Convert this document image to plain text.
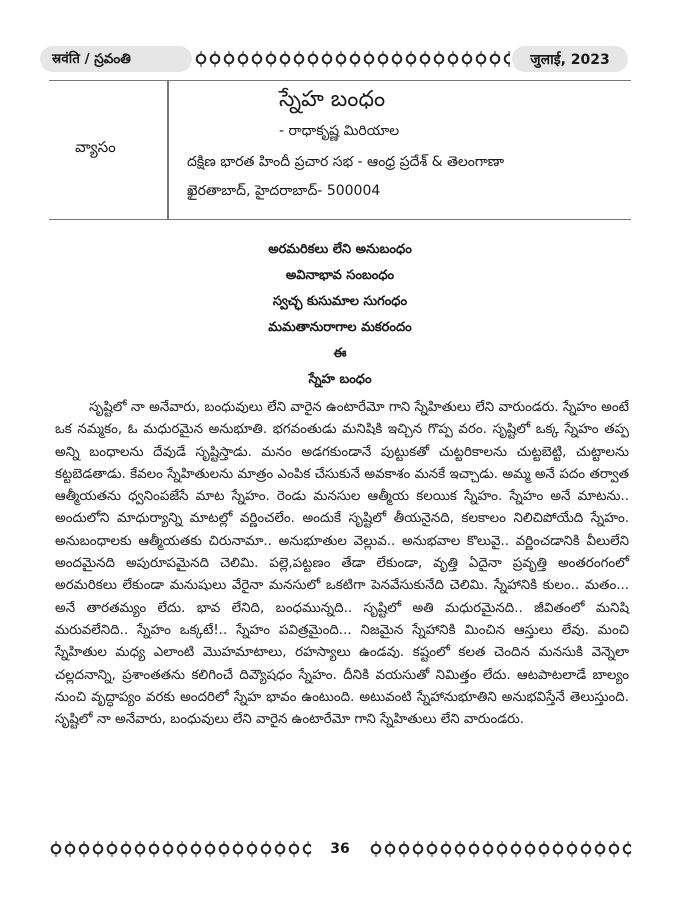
स्रवंति / స్రవంతి	जुलाई, 2023
వ్యాసం
స్నేహ బంధం
- రాధాకృష్ణ మిరియాల
దక్షిణ భారత హిందీ ప్రచార సభ - ఆంధ్ర ప్రదేశ్ & తెలంగాణా
ఖైరతాబాద్, హైదరాబాద్- 500004
అరమరికలు లేని అనుబంధం
అవినాభావ సంబంధం
స్వచ్ఛ కుసుమాల సుగంధం
మమతానురాగాల మకరందం
ఈ
స్నేహ బంధం
సృష్టిలో నా అనేవారు, బంధువులు లేని వారైన ఉంటారేమో గాని స్నేహితులు లేని వారుండరు. స్నేహం అంటే ఒక నమ్మకం, ఓ మధురమైన అనుభూతి. భగవంతుడు మనిషికి ఇచ్చిన గొప్ప వరం. సృష్టిలో ఒక్క స్నేహం తప్ప అన్ని బంధాలను దేవుడే సృష్టిస్తాడు. మనం అడగకుండానే పుట్టుకతో చుట్టరికాలను చుట్టబెట్టి, చుట్టాలను కట్టబెడతాడు. కేవలం స్నేహితులను మాత్రం ఎంపిక చేసుకునే అవకాశం మనకే ఇచ్చాడు. అమ్మ అనే పదం తర్వాత ఆత్మీయతను ధ్వనింపజేసే మాట స్నేహం. రెండు మనసుల ఆత్మీయ కలయిక స్నేహం. స్నేహం అనే మాటను.. అందులోని మాధుర్యాన్ని మాటల్లో వర్ణించలేం. అందుకే సృష్టిలో తీయనైనది, కలకాలం నిలిచిపోయేది స్నేహం. అనుబంధాలకు ఆత్మీయతకు చిరునామా.. అనుభూతుల వెల్లువ.. అనుభవాల కొలువై.. వర్ణించడానికి వీలులేని అందమైనది అపురూపమైనది చెలిమి. పల్లె,పట్టణం తేడా లేకుండా, వృత్తి ఏదైనా ప్రవృత్తి అంతరంగంలో అరమరికలు లేకుండా మనుషులు వేరైనా మనసులో ఒకటిగా పెనవేసుకునేది చెలిమి. స్నేహానికి కులం.. మతం... అనే తారతమ్యం లేదు. భావ లేనిది, బంధమున్నది.. సృష్టిలో అతి మధురమైనది.. జీవితంలో మనిషి మరువలేనిది.. స్నేహం ఒక్కటే!.. స్నేహం పవిత్రమైంది... నిజమైన స్నేహానికి మించిన ఆస్తులు లేవు. మంచి స్నేహితుల మధ్య ఎలాంటి మొహమాటాలు, రహస్యాలు ఉండవు. కష్టంలో కలత చెందిన మనసుకి వెన్నెలా చల్లదనాన్ని, ప్రశాంతతను కలిగించే దివ్యౌషధం స్నేహం. దీనికి వయసుతో నిమిత్తం లేదు. ఆటపాటలాడే బాల్యం నుంచి వృద్ధాప్యం వరకు అందరిలో స్నేహ భావం ఉంటుంది. అటువంటి స్నేహానుభూతిని అనుభవిస్తేనే తెలుస్తుంది. సృష్టిలో నా అనేవారు, బంధువులు లేని వారైన ఉంటారేమో గాని స్నేహితులు లేని వారుండరు.
36
